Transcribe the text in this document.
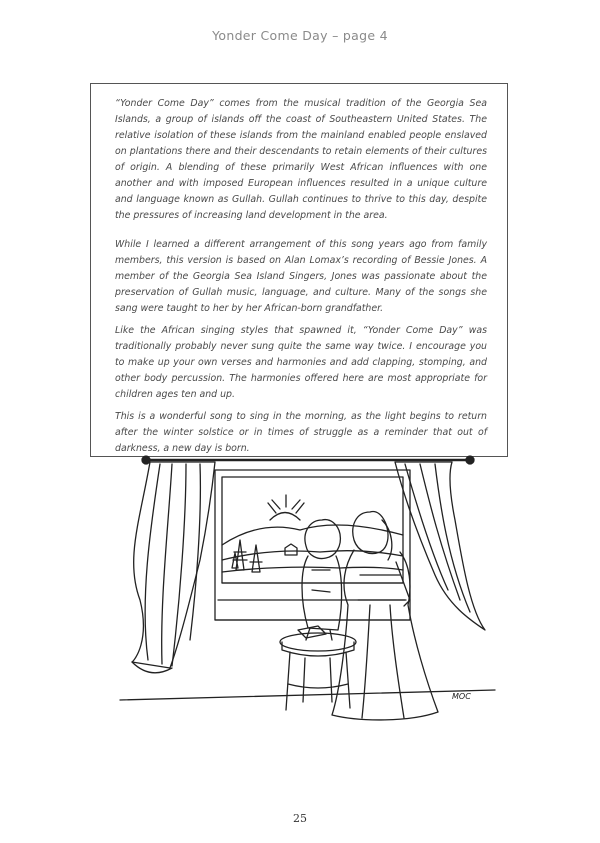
Yonder Come Day – page 4

“Yonder Come Day” comes from the musical tradition of the Georgia Sea Islands, a group of islands off the coast of Southeastern United States. The relative isolation of these islands from the mainland enabled people enslaved on plantations there and their descendants to retain elements of their cultures of origin. A blending of these primarily West African influences with one another and with imposed European influences resulted in a unique culture and language known as Gullah. Gullah continues to thrive to this day, despite the pressures of increasing land development in the area.

While I learned a different arrangement of this song years ago from family members, this version is based on Alan Lomax’s recording of Bessie Jones. A member of the Georgia Sea Island Singers, Jones was passionate about the preservation of Gullah music, language, and culture. Many of the songs she sang were taught to her by her African-born grandfather.

Like the African singing styles that spawned it, “Yonder Come Day” was traditionally probably never sung quite the same way twice. I encourage you to make up your own verses and harmonies and add clapping, stomping, and other body percussion. The harmonies offered here are most appropriate for children ages ten and up.

This is a wonderful song to sing in the morning, as the light begins to return after the winter solstice or in times of struggle as a reminder that out of darkness, a new day is born.

MOC
25
